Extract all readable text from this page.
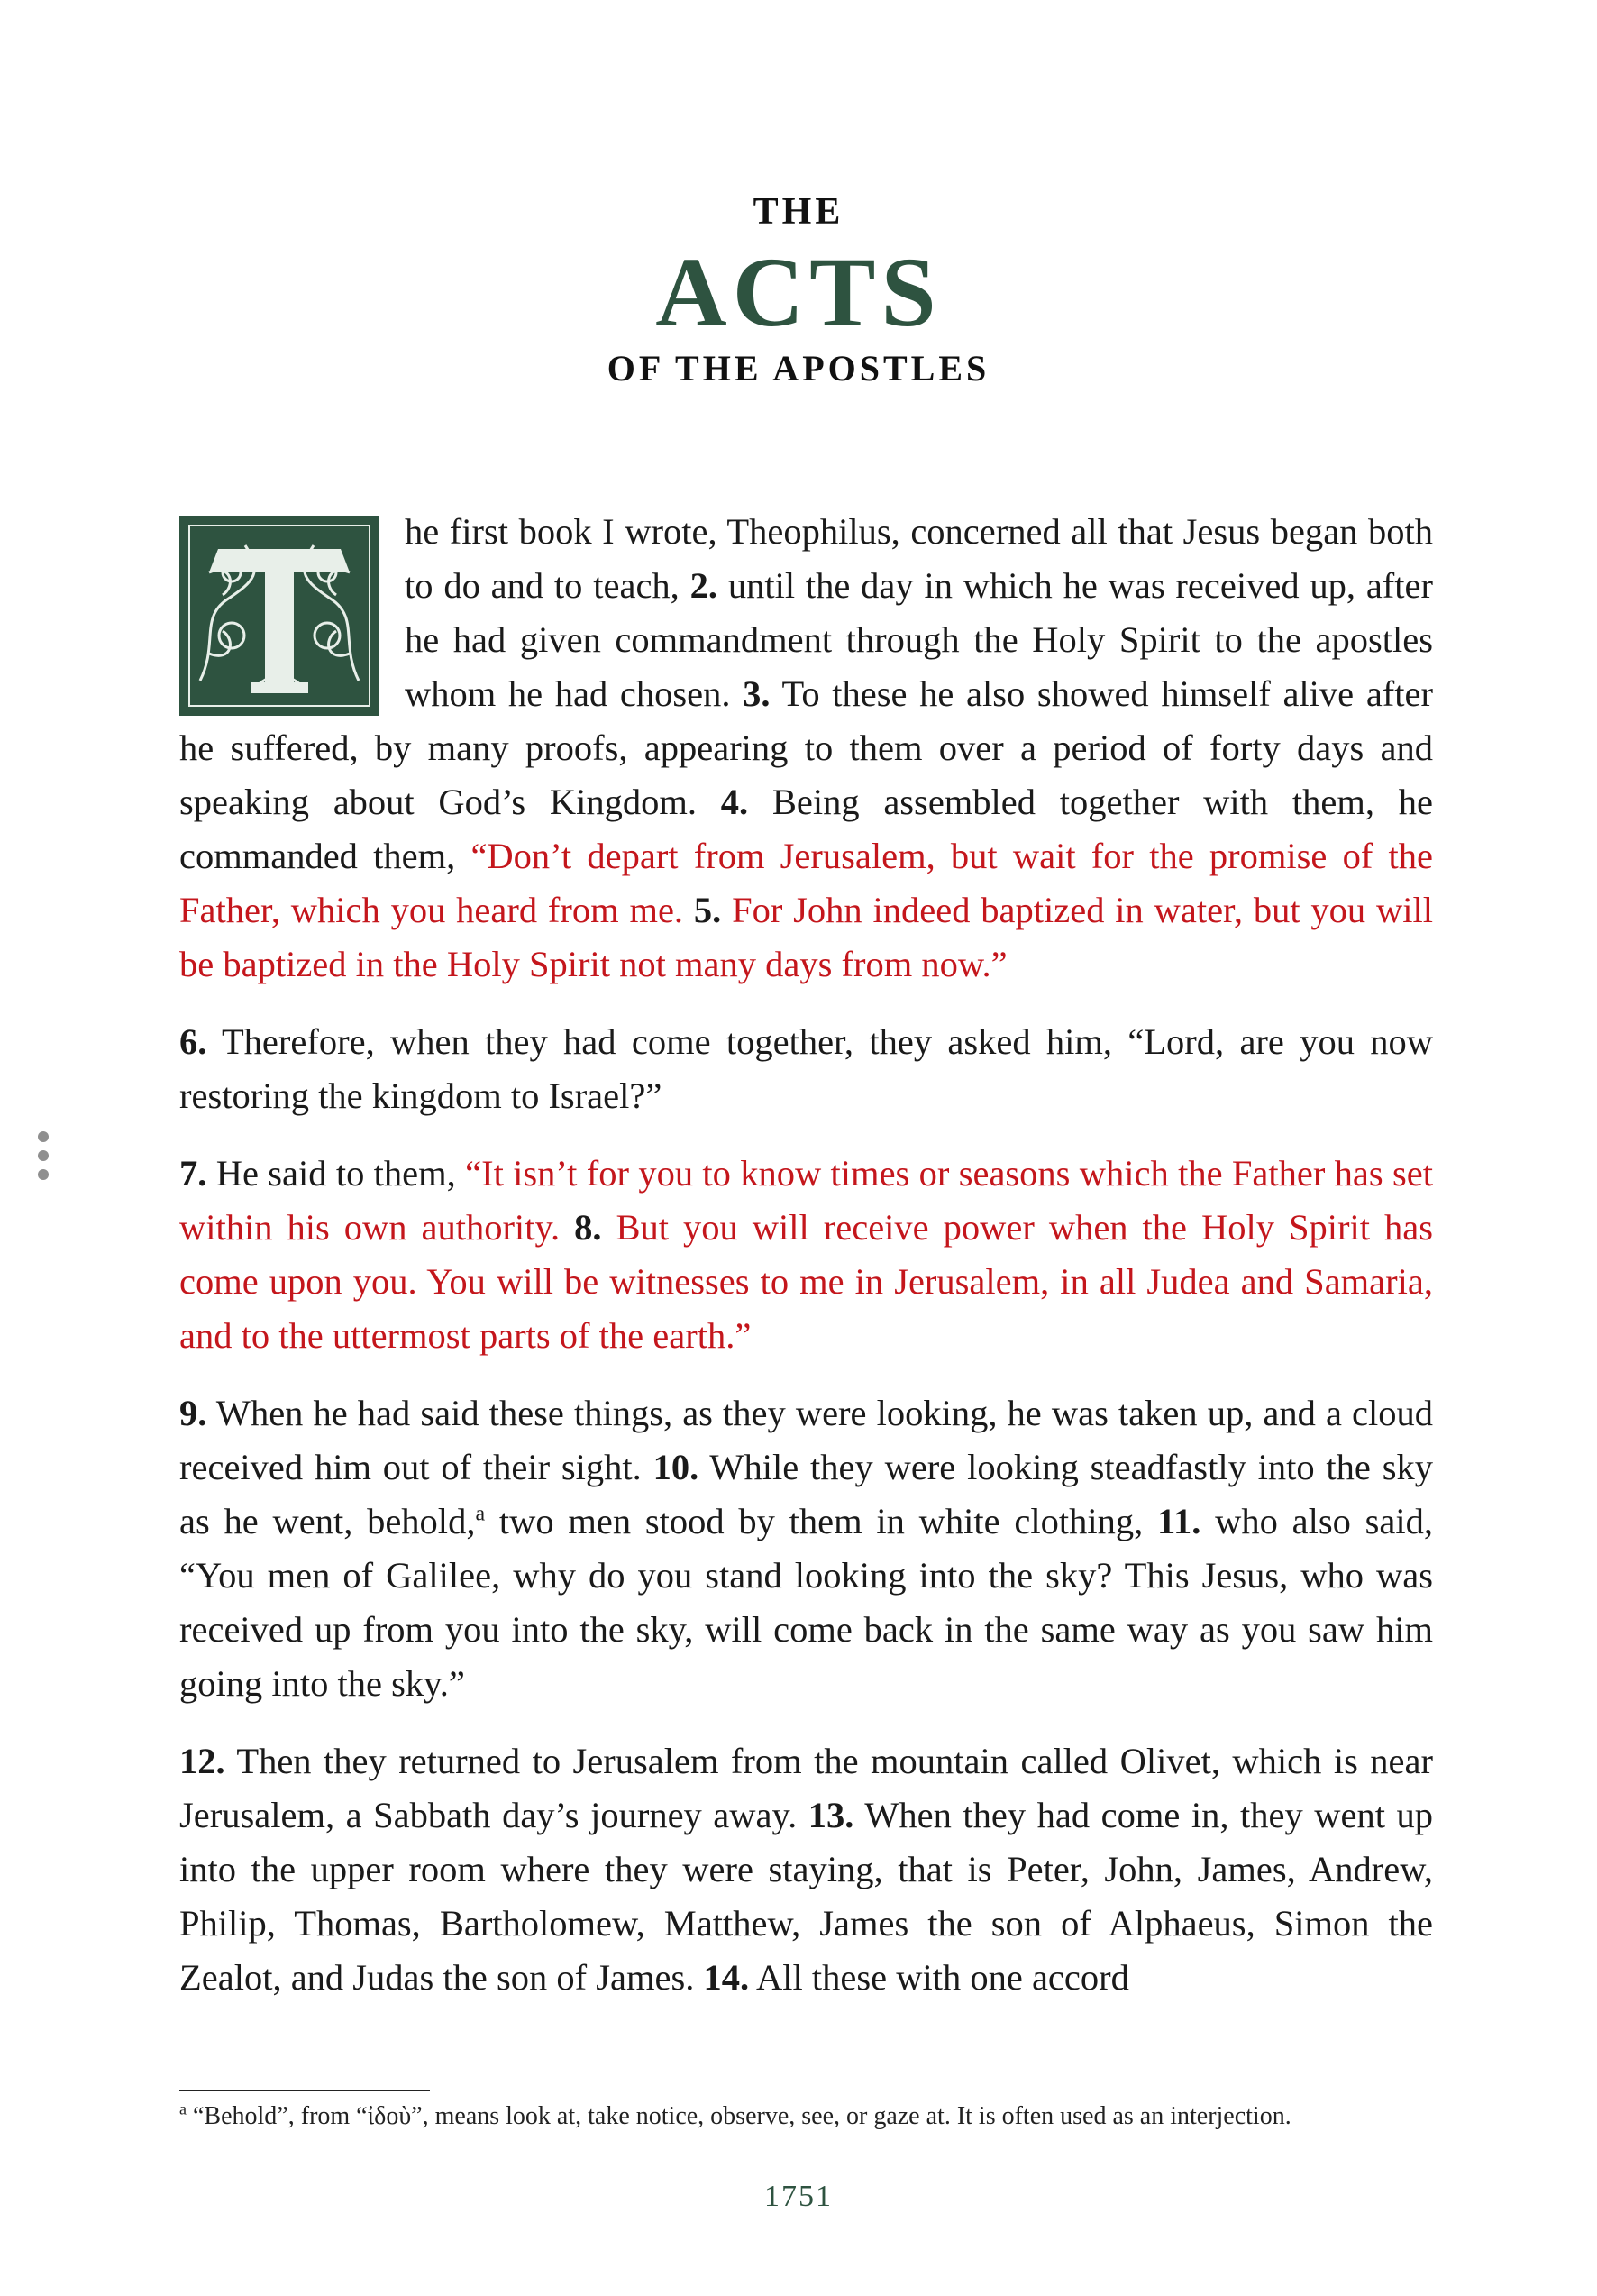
THE
ACTS
OF THE APOSTLES

he first book I wrote, Theophilus, concerned all that Jesus began both to do and to teach, 2. until the day in which he was received up, after he had given commandment through the Holy Spirit to the apostles whom he had chosen. 3. To these he also showed himself alive after he suffered, by many proofs, appearing to them over a period of forty days and speaking about God’s Kingdom. 4. Being assembled together with them, he commanded them, “Don’t depart from Jerusalem, but wait for the promise of the Father, which you heard from me. 5. For John indeed baptized in water, but you will be baptized in the Holy Spirit not many days from now.”

6. Therefore, when they had come together, they asked him, “Lord, are you now restoring the kingdom to Israel?”

7. He said to them, “It isn’t for you to know times or seasons which the Father has set within his own authority. 8. But you will receive power when the Holy Spirit has come upon you. You will be witnesses to me in Jerusalem, in all Judea and Samaria, and to the uttermost parts of the earth.”

9. When he had said these things, as they were looking, he was taken up, and a cloud received him out of their sight. 10. While they were looking steadfastly into the sky as he went, behold,$^a$ two men stood by them in white clothing, 11. who also said, “You men of Galilee, why do you stand looking into the sky? This Jesus, who was received up from you into the sky, will come back in the same way as you saw him going into the sky.”

12. Then they returned to Jerusalem from the mountain called Olivet, which is near Jerusalem, a Sabbath day’s journey away. 13. When they had come in, they went up into the upper room where they were staying, that is Peter, John, James, Andrew, Philip, Thomas, Bartholomew, Matthew, James the son of Alphaeus, Simon the Zealot, and Judas the son of James. 14. All these with one accord

$^a$ “Behold”, from “ἰδοὺ”, means look at, take notice, observe, see, or gaze at. It is often used as an interjection.
1751
